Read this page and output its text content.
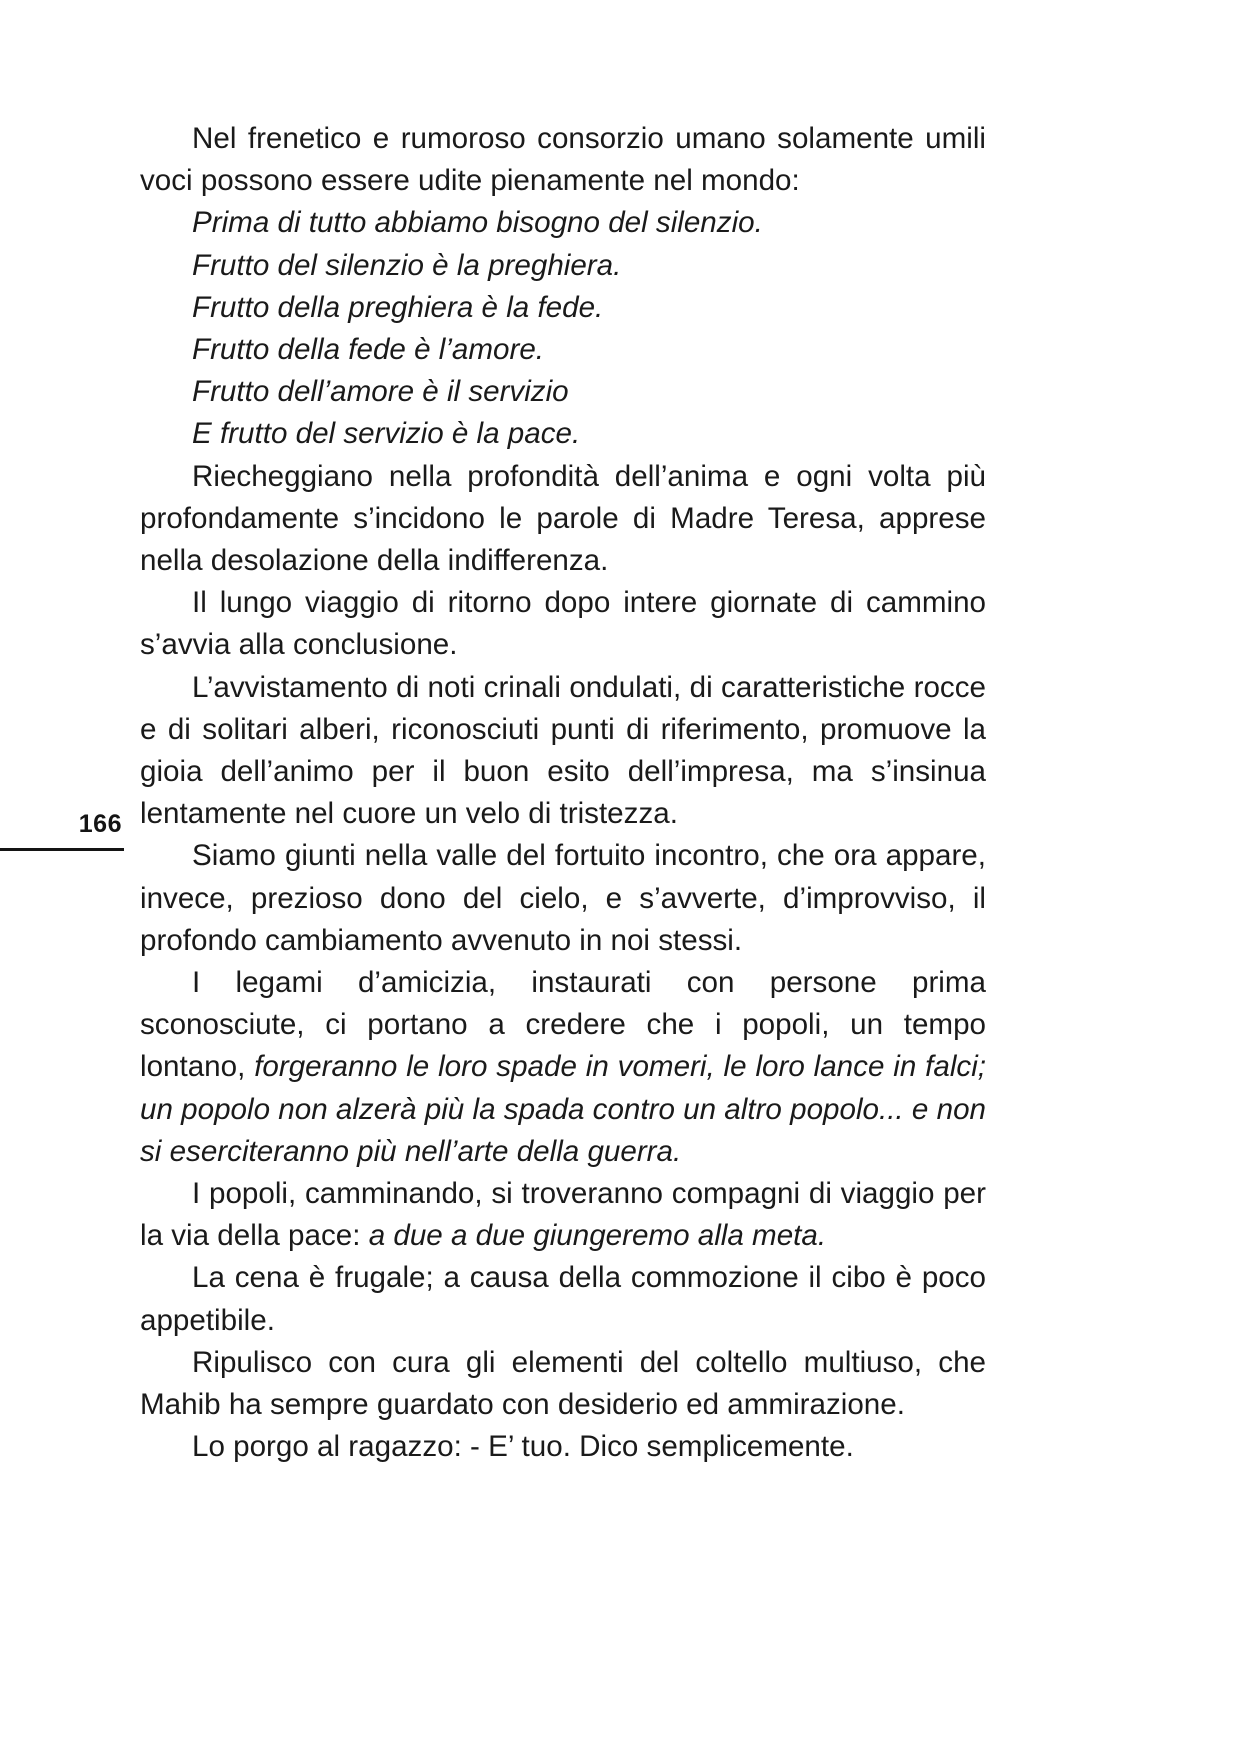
166

Nel frenetico e rumoroso consorzio umano solamente umili voci possono essere udite pienamente nel mondo:

Prima di tutto abbiamo bisogno del silenzio.

Frutto del silenzio è la preghiera.

Frutto della preghiera è la fede.

Frutto della fede è l’amore.

Frutto dell’amore è il servizio

E frutto del servizio è la pace.

Riecheggiano nella profondità dell’anima e ogni volta più profondamente s’incidono le parole di Madre Teresa, apprese nella desolazione della indifferenza.

Il lungo viaggio di ritorno dopo intere giornate di cammino s’avvia alla conclusione.

L’avvistamento di noti crinali ondulati, di caratteristiche rocce e di solitari alberi, riconosciuti punti di riferimento, promuove la gioia dell’animo per il buon esito dell’impresa, ma s’insinua lentamente nel cuore un velo di tristezza.

Siamo giunti nella valle del fortuito incontro, che ora appare, invece, prezioso dono del cielo, e s’avverte, d’improvviso, il profondo cambiamento avvenuto in noi stessi.

I legami d’amicizia, instaurati con persone prima sconosciute, ci portano a credere che i popoli, un tempo lontano, forgeranno le loro spade in vomeri, le loro lance in falci; un popolo non alzerà più la spada contro un altro popolo... e non si eserciteranno più nell’arte della guerra.

I popoli, camminando, si troveranno compagni di viaggio per la via della pace: a due a due giungeremo alla meta.

La cena è frugale; a causa della commozione il cibo è poco appetibile.

Ripulisco con cura gli elementi del coltello multiuso, che Mahib ha sempre guardato con desiderio ed ammirazione.

Lo porgo al ragazzo: - E’ tuo. Dico semplicemente.
